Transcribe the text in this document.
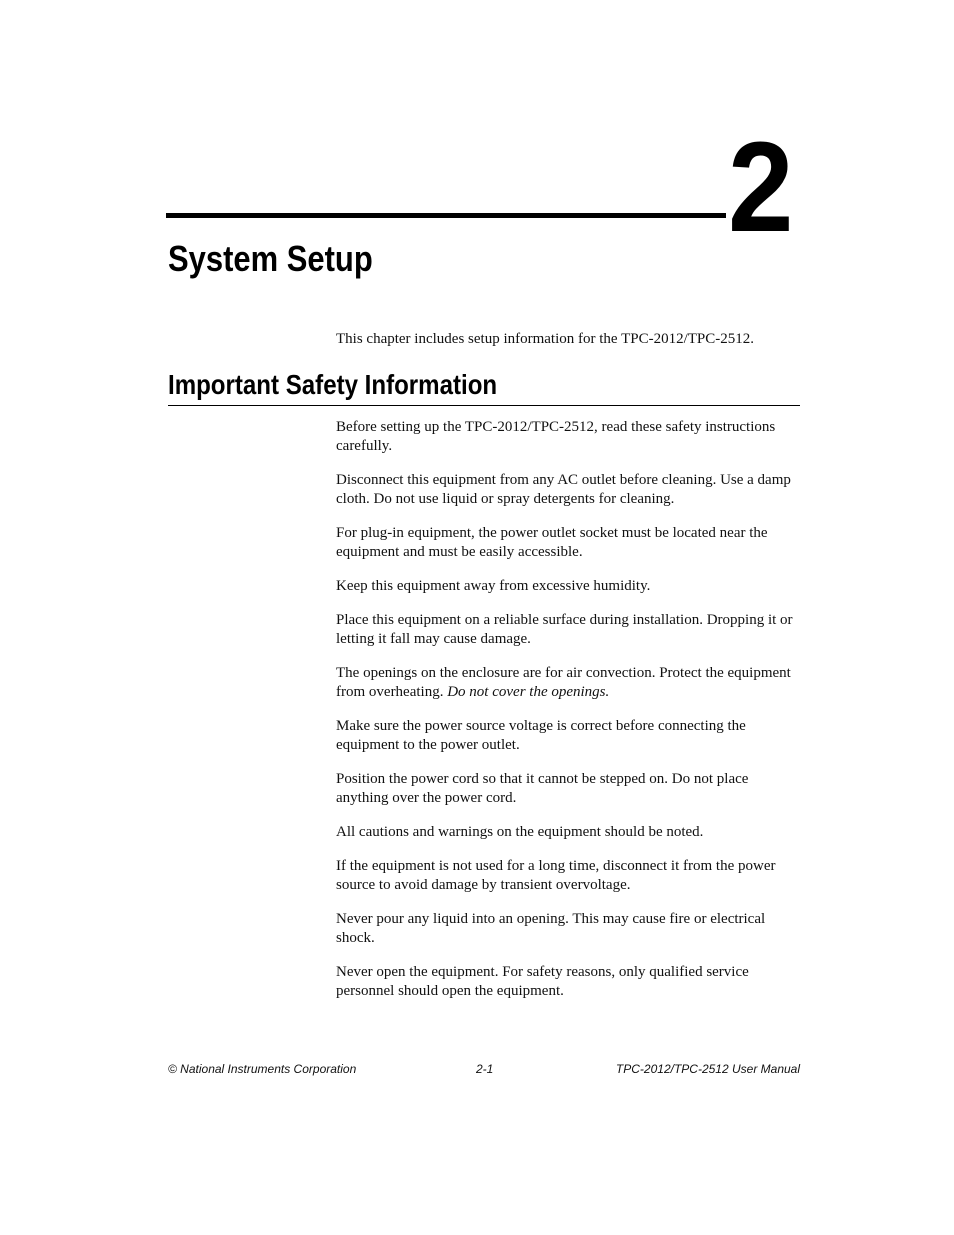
2
System Setup

This chapter includes setup information for the TPC-2012/TPC-2512.

Important Safety Information

Before setting up the TPC-2012/TPC-2512, read these safety instructions carefully.

Disconnect this equipment from any AC outlet before cleaning. Use a damp cloth. Do not use liquid or spray detergents for cleaning.

For plug-in equipment, the power outlet socket must be located near the equipment and must be easily accessible.

Keep this equipment away from excessive humidity.

Place this equipment on a reliable surface during installation. Dropping it or letting it fall may cause damage.

The openings on the enclosure are for air convection. Protect the equipment from overheating. Do not cover the openings.

Make sure the power source voltage is correct before connecting the equipment to the power outlet.

Position the power cord so that it cannot be stepped on. Do not place anything over the power cord.

All cautions and warnings on the equipment should be noted.

If the equipment is not used for a long time, disconnect it from the power source to avoid damage by transient overvoltage.

Never pour any liquid into an opening. This may cause fire or electrical shock.

Never open the equipment. For safety reasons, only qualified service personnel should open the equipment.

© National Instruments Corporation	2-1	TPC-2012/TPC-2512 User Manual
